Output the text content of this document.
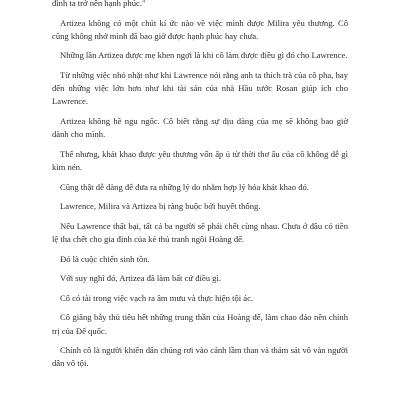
đình ta trở nên hạnh phúc."

Artizea không có một chút kí ức nào về việc mình được Milira yêu thương. Cô cũng không nhớ mình đã bao giờ được hạnh phúc hay chưa.

Những lần Artizea được mẹ khen ngợi là khi cô làm được điều gì đó cho Lawrence.

Từ những việc nhỏ nhặt như khi Lawrence nói rằng anh ta thích trà của cô pha, hay đến những việc lớn hơn như khi tài sản của nhà Hầu tước Rosan giúp ích cho Lawrence.

Artizea không hề ngu ngốc. Cô biết rằng sự dịu dàng của mẹ sẽ không bao giờ dành cho mình.

Thế nhưng, khát khao được yêu thương vốn ấp ủ từ thời thơ ấu của cô không dễ gì kìm nén.

Cũng thật dễ dàng để đưa ra những lý do nhằm hợp lý hóa khát khao đó.

Lawrence, Milira và Artizea bị ràng buộc bởi huyết thống.

Nếu Lawrence thất bại, tất cả ba người sẽ phải chết cùng nhau. Chưa ở đâu có tiền lệ tha chết cho gia đình của kẻ thủ tranh ngôi Hoàng đế.

Đó là cuộc chiến sinh tồn.

Với suy nghĩ đó, Artizea đã làm bất cứ điều gì.

Cô có tài trong việc vạch ra âm mưu và thực hiện tội ác.

Cô giăng bẫy thủ tiêu hết những trung thần của Hoàng đế, làm chao đảo nền chính trị của Đế quốc.

Chính cô là người khiến dân chúng rơi vào cảnh lầm than và thảm sát vô vàn người dân vô tội.
